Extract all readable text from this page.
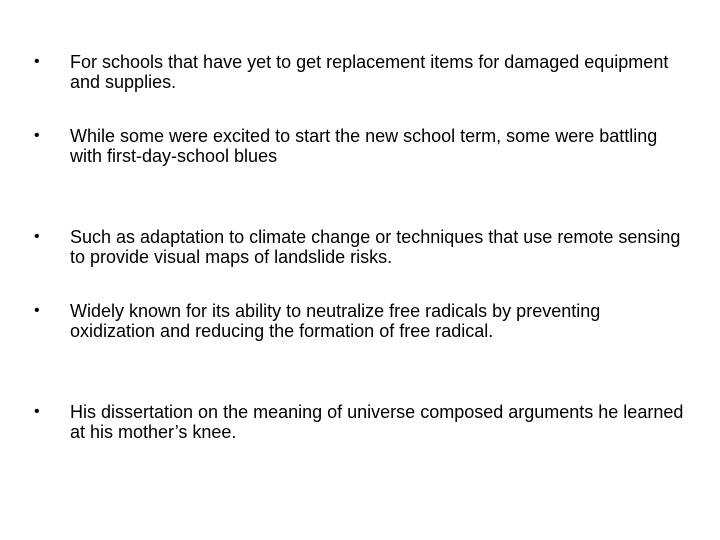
•	For schools that have yet to get replacement items for damaged equipment and supplies.
•	While some were excited to start the new school term, some were battling with first-day-school blues
•	Such as adaptation to climate change or techniques that use remote sensing to provide visual maps of landslide risks.
•	Widely known for its ability to neutralize free radicals by preventing oxidization and reducing the formation of free radical.
•	His dissertation on the meaning of universe composed arguments he learned at his mother’s knee.
